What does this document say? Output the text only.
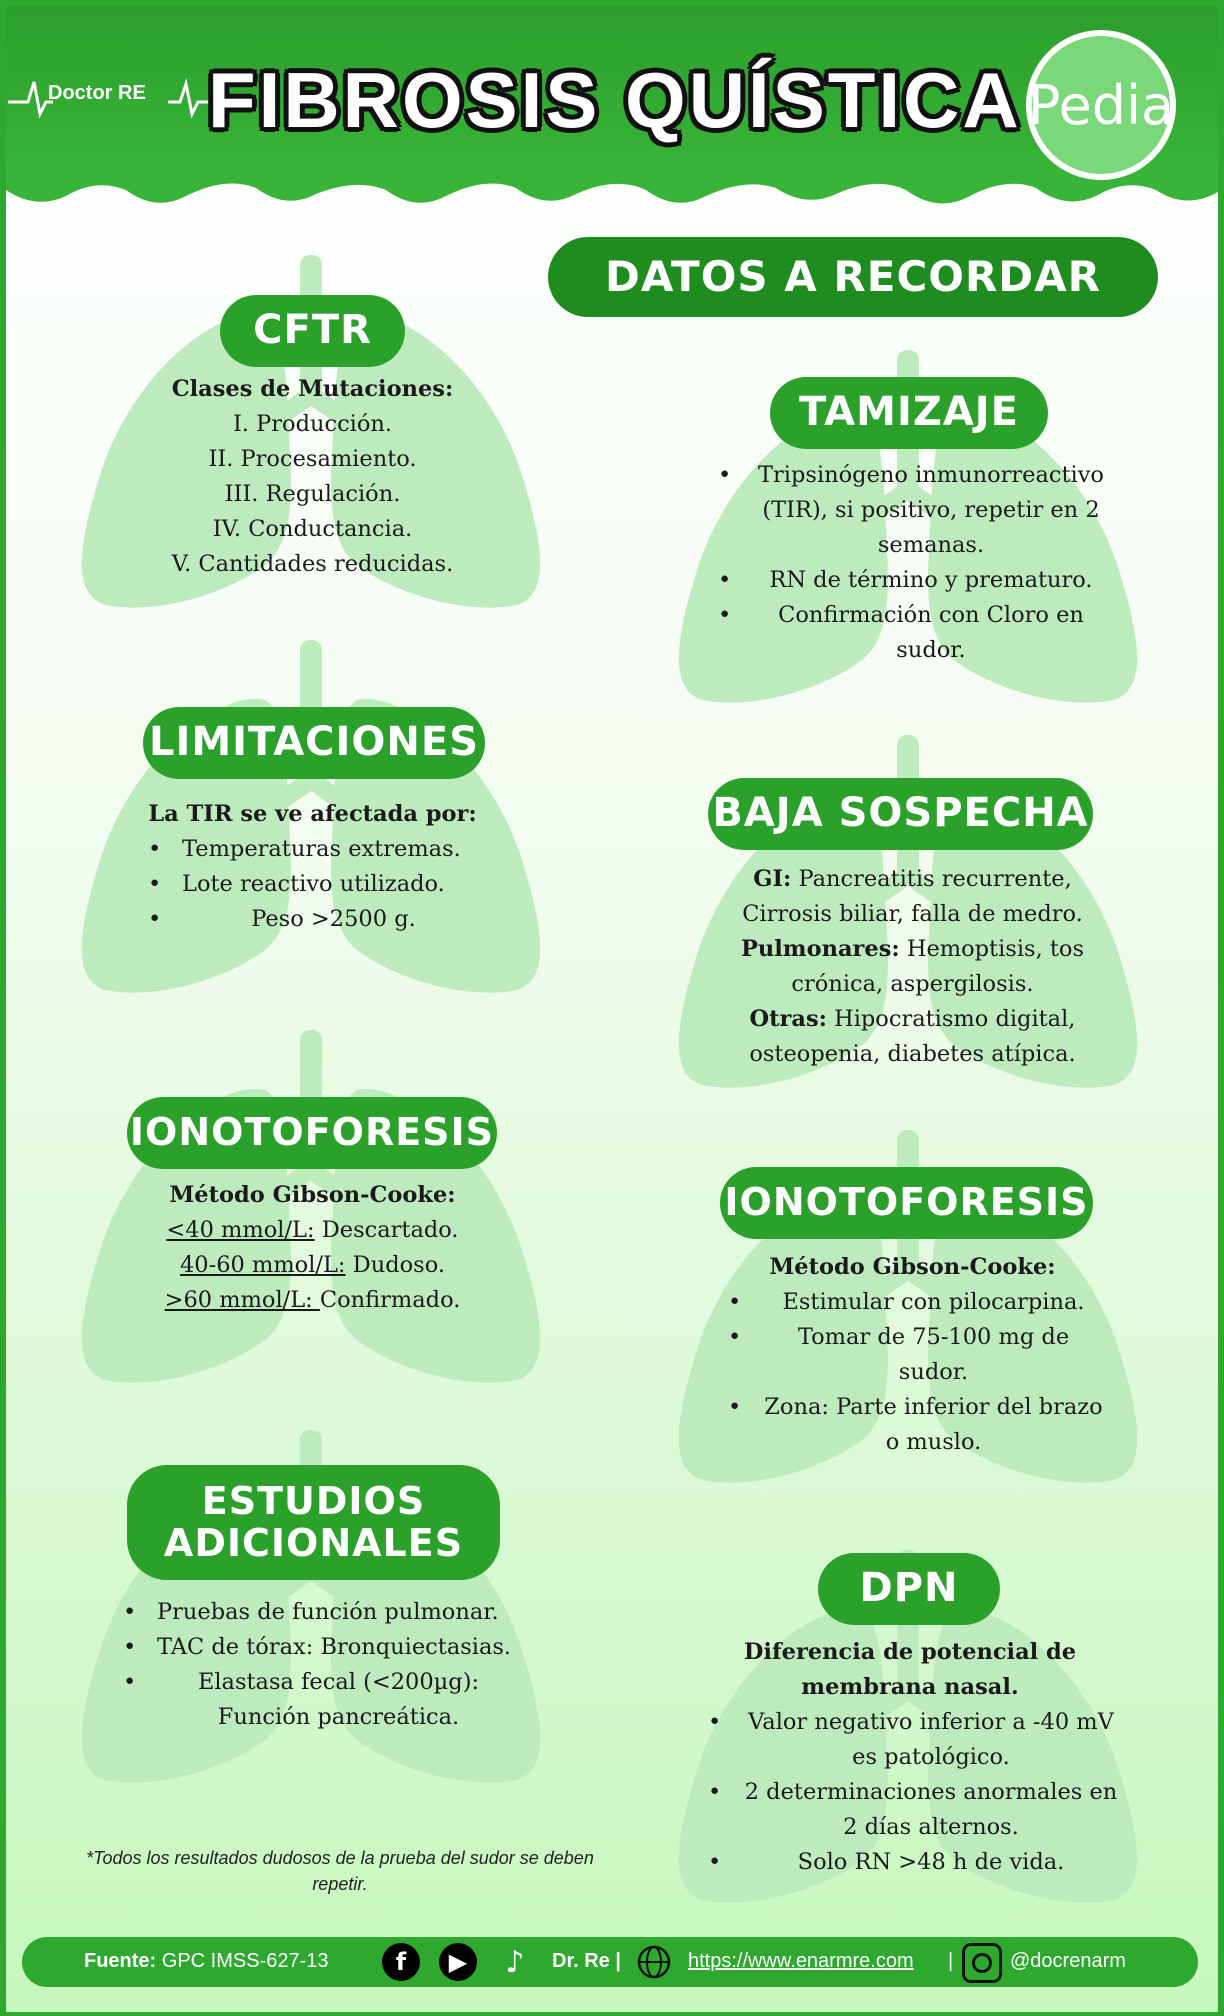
Doctor RE FIBROSIS QUÍSTICA Pedia
CFTR
Clases de Mutaciones:
I. Producción.
II. Procesamiento.
III. Regulación.
IV. Conductancia.
V. Cantidades reducidas.
LIMITACIONES
La TIR se ve afectada por:
• Temperaturas extremas.
• Lote reactivo utilizado.
• Peso >2500 g.
IONOTOFORESIS
Método Gibson-Cooke:
<40 mmol/L: Descartado.
40-60 mmol/L: Dudoso.
>60 mmol/L: Confirmado.
ESTUDIOS
ADICIONALES
• Pruebas de función pulmonar.
• TAC de tórax: Bronquiectasias.
• Elastasa fecal (<200µg): Función pancreática.
*Todos los resultados dudosos de la prueba del sudor se deben repetir.
DATOS A RECORDAR
TAMIZAJE
• Tripsinógeno inmunorreactivo (TIR), si positivo, repetir en 2 semanas.
• RN de término y prematuro.
• Confirmación con Cloro en sudor.
BAJA SOSPECHA
GI: Pancreatitis recurrente, Cirrosis biliar, falla de medro.
Pulmonares: Hemoptisis, tos crónica, aspergilosis.
Otras: Hipocratismo digital, osteopenia, diabetes atípica.
IONOTOFORESIS
Método Gibson-Cooke:
• Estimular con pilocarpina.
• Tomar de 75-100 mg de sudor.
• Zona: Parte inferior del brazo o muslo.
DPN
Diferencia de potencial de membrana nasal.
• Valor negativo inferior a -40 mV es patológico.
• 2 determinaciones anormales en 2 días alternos.
• Solo RN >48 h de vida.
Fuente: GPC IMSS-627-13	f	▶	♪	Dr. Re |	https://www.enarmre.com |	@docrenarm
